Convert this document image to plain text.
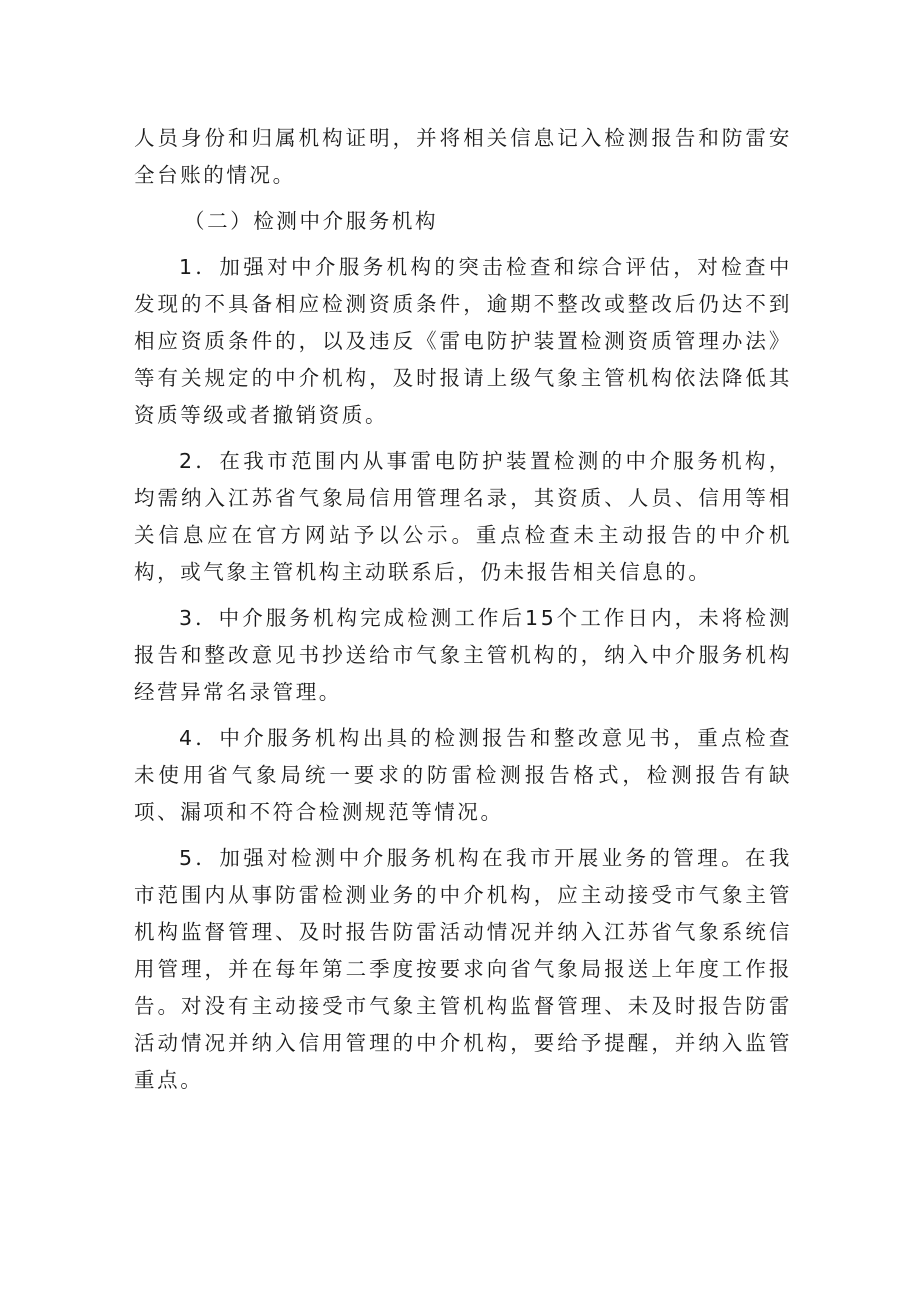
人员身份和归属机构证明，并将相关信息记入检测报告和防雷安全台账的情况。

（二）检测中介服务机构

1．加强对中介服务机构的突击检查和综合评估，对检查中发现的不具备相应检测资质条件，逾期不整改或整改后仍达不到相应资质条件的，以及违反《雷电防护装置检测资质管理办法》等有关规定的中介机构，及时报请上级气象主管机构依法降低其资质等级或者撤销资质。

2．在我市范围内从事雷电防护装置检测的中介服务机构，均需纳入江苏省气象局信用管理名录，其资质、人员、信用等相关信息应在官方网站予以公示。重点检查未主动报告的中介机构，或气象主管机构主动联系后，仍未报告相关信息的。

3．中介服务机构完成检测工作后15个工作日内，未将检测报告和整改意见书抄送给市气象主管机构的，纳入中介服务机构经营异常名录管理。

4．中介服务机构出具的检测报告和整改意见书，重点检查未使用省气象局统一要求的防雷检测报告格式，检测报告有缺项、漏项和不符合检测规范等情况。

5．加强对检测中介服务机构在我市开展业务的管理。在我市范围内从事防雷检测业务的中介机构，应主动接受市气象主管机构监督管理、及时报告防雷活动情况并纳入江苏省气象系统信用管理，并在每年第二季度按要求向省气象局报送上年度工作报告。对没有主动接受市气象主管机构监督管理、未及时报告防雷活动情况并纳入信用管理的中介机构，要给予提醒，并纳入监管重点。
